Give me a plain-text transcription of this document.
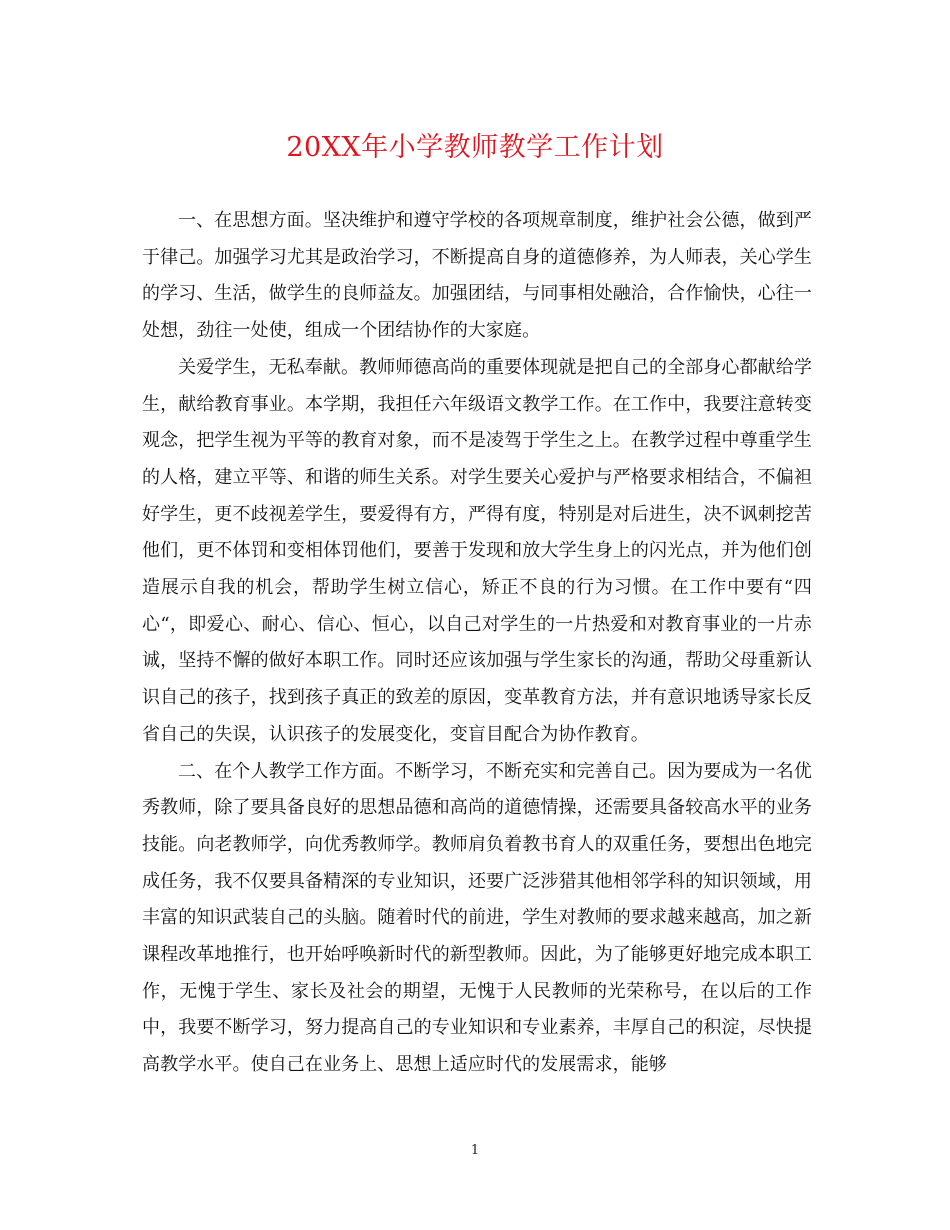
20XX年小学教师教学工作计划

一、在思想方面。坚决维护和遵守学校的各项规章制度，维护社会公德，做到严于律己。加强学习尤其是政治学习，不断提高自身的道德修养，为人师表，关心学生的学习、生活，做学生的良师益友。加强团结，与同事相处融洽，合作愉快，心往一处想，劲往一处使，组成一个团结协作的大家庭。

关爱学生，无私奉献。教师师德高尚的重要体现就是把自己的全部身心都献给学生，献给教育事业。本学期，我担任六年级语文教学工作。在工作中，我要注意转变观念，把学生视为平等的教育对象，而不是凌驾于学生之上。在教学过程中尊重学生的人格，建立平等、和谐的师生关系。对学生要关心爱护与严格要求相结合，不偏袒好学生，更不歧视差学生，要爱得有方，严得有度，特别是对后进生，决不讽刺挖苦他们，更不体罚和变相体罚他们，要善于发现和放大学生身上的闪光点，并为他们创造展示自我的机会，帮助学生树立信心，矫正不良的行为习惯。在工作中要有“四心“，即爱心、耐心、信心、恒心，以自己对学生的一片热爱和对教育事业的一片赤诚，坚持不懈的做好本职工作。同时还应该加强与学生家长的沟通，帮助父母重新认识自己的孩子，找到孩子真正的致差的原因，变革教育方法，并有意识地诱导家长反省自己的失误，认识孩子的发展变化，变盲目配合为协作教育。

二、在个人教学工作方面。不断学习，不断充实和完善自己。因为要成为一名优秀教师，除了要具备良好的思想品德和高尚的道德情操，还需要具备较高水平的业务技能。向老教师学，向优秀教师学。教师肩负着教书育人的双重任务，要想出色地完成任务，我不仅要具备精深的专业知识，还要广泛涉猎其他相邻学科的知识领域，用丰富的知识武装自己的头脑。随着时代的前进，学生对教师的要求越来越高，加之新课程改革地推行，也开始呼唤新时代的新型教师。因此，为了能够更好地完成本职工作，无愧于学生、家长及社会的期望，无愧于人民教师的光荣称号，在以后的工作中，我要不断学习，努力提高自己的专业知识和专业素养，丰厚自己的积淀，尽快提高教学水平。使自己在业务上、思想上适应时代的发展需求，能够

1
